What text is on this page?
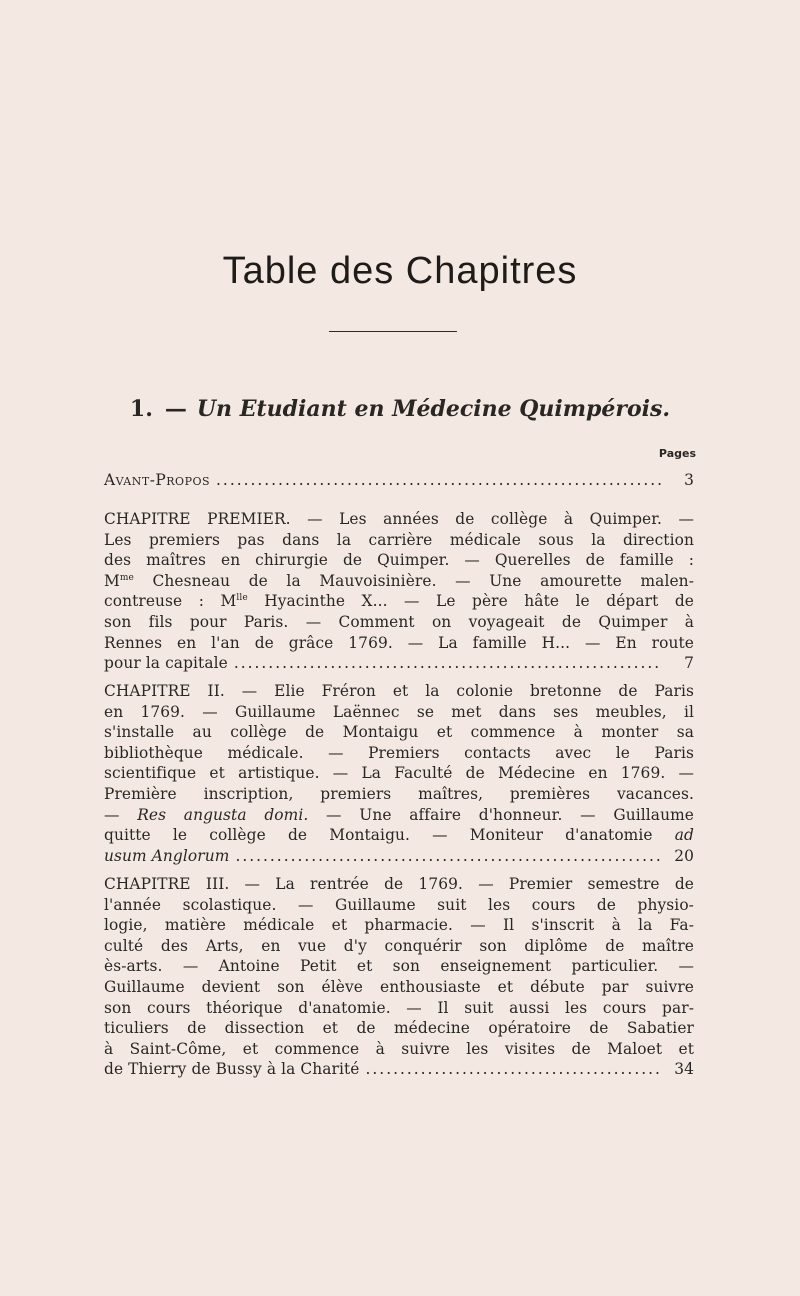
Table des Chapitres
1. — Un Etudiant en Médecine Quimpérois.
Pages
Avant-Propos .....	3
CHAPITRE PREMIER. — Les années de collège à Quimper. —
Les premiers pas dans la carrière médicale sous la direction
des maîtres en chirurgie de Quimper. — Querelles de famille :
$M^{me}$ Chesneau de la Mauvoisinière. — Une amourette malen-
contreuse : $M^{lle}$ Hyacinthe X... — Le père hâte le départ de
son fils pour Paris. — Comment on voyageait de Quimper à
Rennes en l'an de grâce 1769. — La famille H... — En route
pour la capitale .....	7
CHAPITRE II. — Elie Fréron et la colonie bretonne de Paris
en 1769. — Guillaume Laënnec se met dans ses meubles, il
s'installe au collège de Montaigu et commence à monter sa
bibliothèque médicale. — Premiers contacts avec le Paris
scientifique et artistique. — La Faculté de Médecine en 1769. —
Première inscription, premiers maîtres, premières vacances.
— Res angusta domi. — Une affaire d'honneur. — Guillaume
quitte le collège de Montaigu. — Moniteur d'anatomie ad
usum Anglorum .....	20
CHAPITRE III. — La rentrée de 1769. — Premier semestre de
l'année scolastique. — Guillaume suit les cours de physio-
logie, matière médicale et pharmacie. — Il s'inscrit à la Fa-
culté des Arts, en vue d'y conquérir son diplôme de maître
ès-arts. — Antoine Petit et son enseignement particulier. —
Guillaume devient son élève enthousiaste et débute par suivre
son cours théorique d'anatomie. — Il suit aussi les cours par-
ticuliers de dissection et de médecine opératoire de Sabatier
à Saint-Côme, et commence à suivre les visites de Maloet et
de Thierry de Bussy à la Charité .....	34
